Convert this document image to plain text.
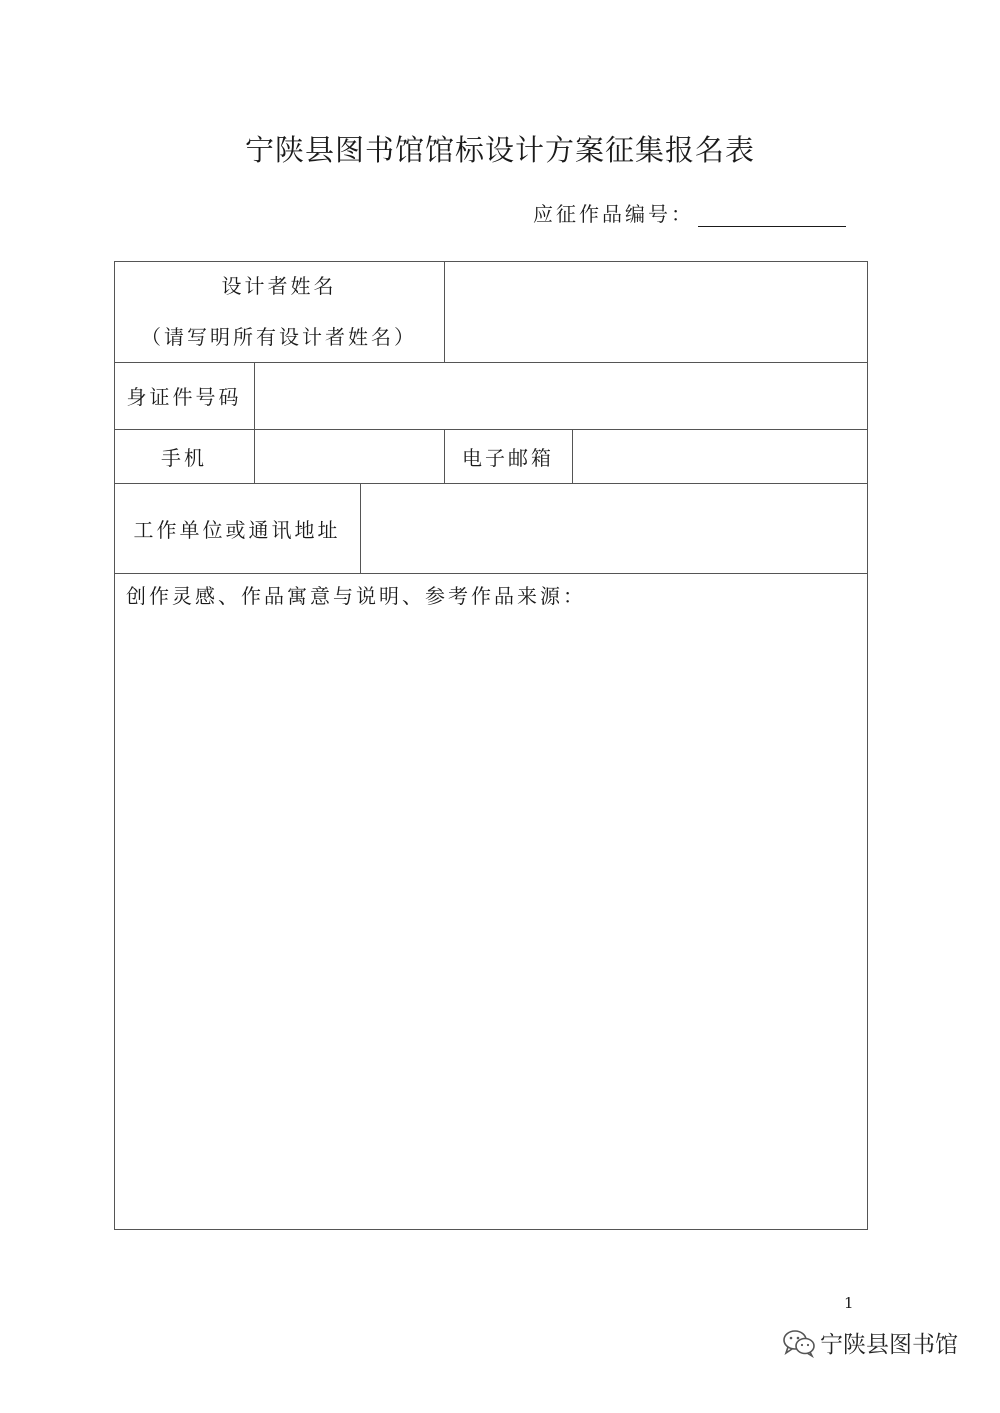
宁陕县图书馆馆标设计方案征集报名表
应征作品编号：
设计者姓名
（请写明所有设计者姓名）
身证件号码
手机	电子邮箱
工作单位或通讯地址
创作灵感、作品寓意与说明、参考作品来源：
1
宁陕县图书馆
